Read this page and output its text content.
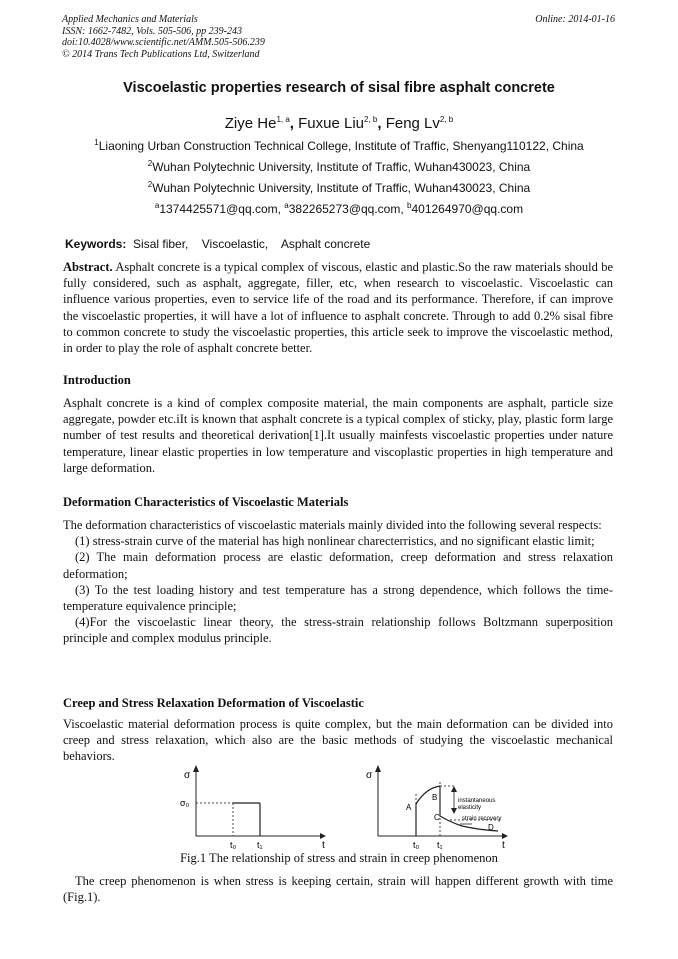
Applied Mechanics and Materials
ISSN: 1662-7482, Vols. 505-506, pp 239-243
doi:10.4028/www.scientific.net/AMM.505-506.239
© 2014 Trans Tech Publications Ltd, Switzerland
Online: 2014-01-16
Viscoelastic properties research of sisal fibre asphalt concrete
Ziye He$^{1, a}$, Fuxue Liu$^{2, b}$, Feng Lv$^{2, b}$
$^1$Liaoning Urban Construction Technical College, Institute of Traffic, Shenyang110122, China
$^2$Wuhan Polytechnic University, Institute of Traffic, Wuhan430023, China
$^2$Wuhan Polytechnic University, Institute of Traffic, Wuhan430023, China
$^a$1374425571@qq.com, $^a$382265273@qq.com, $^b$401264970@qq.com
Keywords: Sisal fiber, Viscoelastic, Asphalt concrete
Abstract. Asphalt concrete is a typical complex of viscous, elastic and plastic.So the raw materials should be fully considered, such as asphalt, aggregate, filler, etc, when research to viscoelastic. Viscoelastic can influence various properties, even to service life of the road and its performance. Therefore, if can improve the viscoelastic properties, it will have a lot of influence to asphalt concrete. Through to add 0.2% sisal fibre to common concrete to study the viscoelastic properties, this article seek to improve the viscoelastic method, in order to play the role of asphalt concrete better.
Introduction
Asphalt concrete is a kind of complex composite material, the main components are asphalt, particle size aggregate, powder etc.iIt is known that asphalt concrete is a typical complex of sticky, play, plastic form large number of test results and theoretical derivation[1].It usually mainfests viscoelastic properties under nature temperature, linear elastic properties in low temperature and viscoplastic properties in high temperature and large deformation.
Deformation Characteristics of Viscoelastic Materials
The deformation characteristics of viscoelastic materials mainly divided into the following several respects:
(1) stress-strain curve of the material has high nonlinear charecterristics, and no significant elastic limit;
(2) The main deformation process are elastic deformation, creep deformation and stress relaxation deformation;
(3) To the test loading history and test temperature has a strong dependence, which follows the time-temperature equivalence principle;
(4)For the viscoelastic linear theory, the stress-strain relationship follows Boltzmann superposition principle and complex modulus principle.
Creep and Stress Relaxation Deformation of Viscoelastic
Viscoelastic material deformation process is quite complex, but the main deformation can be divided into creep and stress relaxation, which also are the basic methods of studying the viscoelastic mechanical behaviors.
σ
σ₀
t₀ t₁	t
σ
A
B
C
D
instantaneous
elasticity
strain recovery
t₀ t₁	t
Fig.1 The relationship of stress and strain in creep phenomenon
The creep phenomenon is when stress is keeping certain, strain will happen different growth with time (Fig.1).
